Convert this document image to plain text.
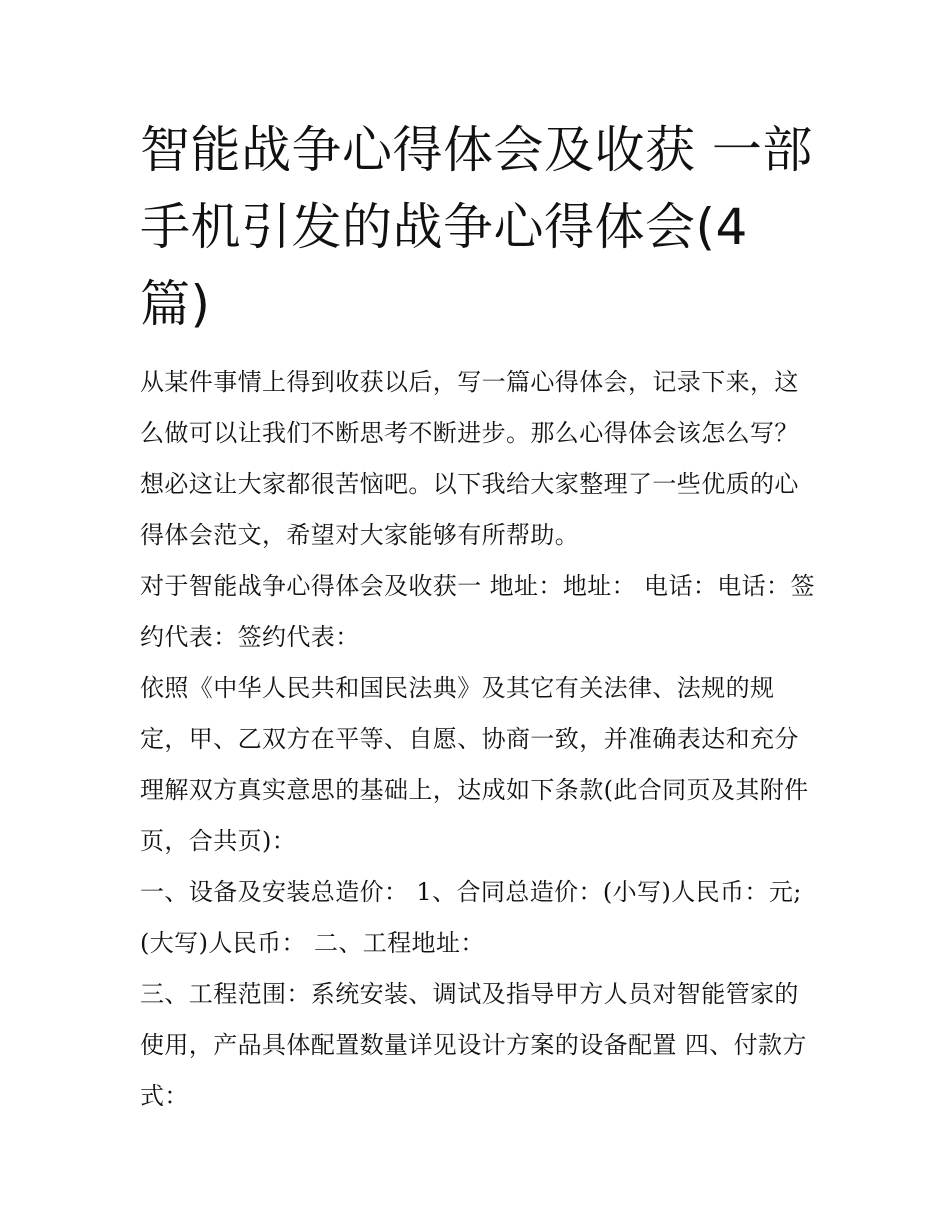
智能战争心得体会及收获 一部
手机引发的战争心得体会(4
篇)

从某件事情上得到收获以后，写一篇心得体会，记录下来，这么做可以让我们不断思考不断进步。那么心得体会该怎么写？想必这让大家都很苦恼吧。以下我给大家整理了一些优质的心得体会范文，希望对大家能够有所帮助。

对于智能战争心得体会及收获一 地址：地址： 电话：电话：签约代表：签约代表：

依照《中华人民共和国民法典》及其它有关法律、法规的规定，甲、乙双方在平等、自愿、协商一致，并准确表达和充分理解双方真实意思的基础上，达成如下条款(此合同页及其附件页，合共页)：

一、设备及安装总造价： 1、合同总造价：(小写)人民币：元;(大写)人民币： 二、工程地址：

三、工程范围：系统安装、调试及指导甲方人员对智能管家的使用，产品具体配置数量详见设计方案的设备配置 四、付款方式：
